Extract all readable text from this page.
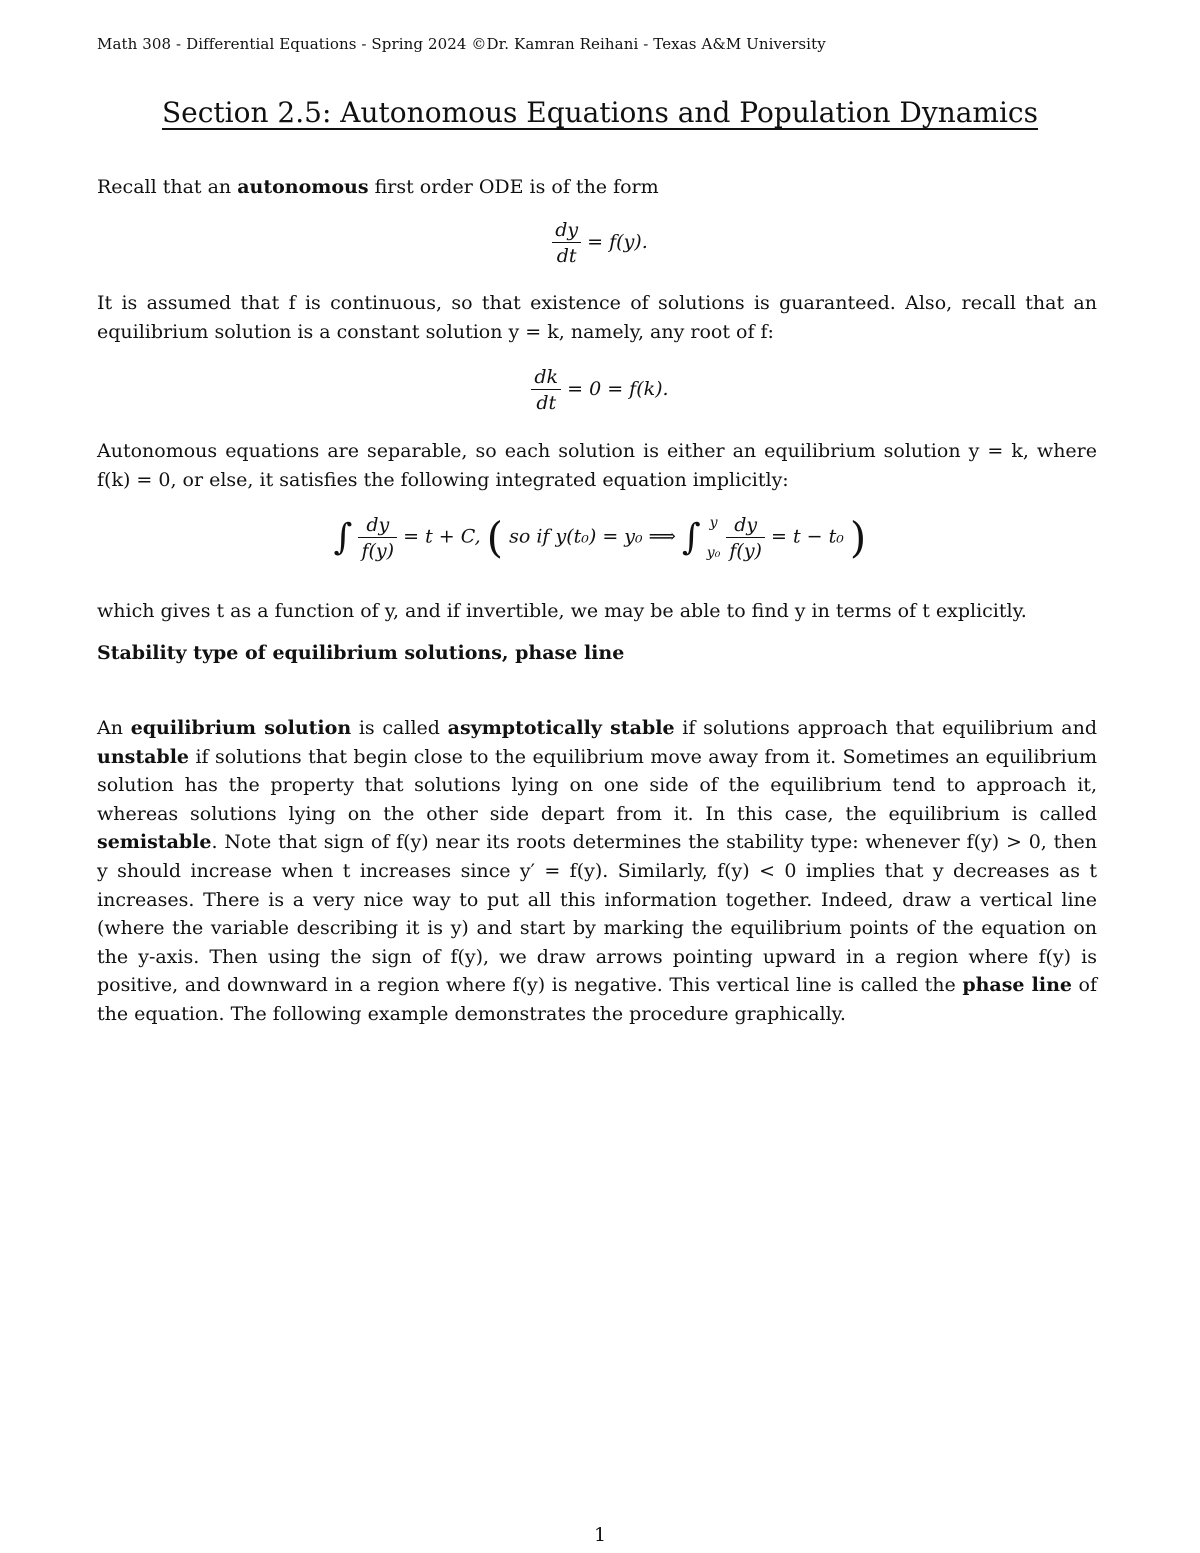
Math 308 - Differential Equations - Spring 2024 ©Dr. Kamran Reihani - Texas A&M University
Section 2.5: Autonomous Equations and Population Dynamics
Recall that an autonomous first order ODE is of the form
$\frac{dy}{dt} = f(y)$.
It is assumed that f is continuous, so that existence of solutions is guaranteed. Also, recall that an equilibrium solution is a constant solution y = k, namely, any root of f:
$\frac{dk}{dt} = 0 = f(k)$.
Autonomous equations are separable, so each solution is either an equilibrium solution y = k, where f(k) = 0, or else, it satisfies the following integrated equation implicitly:
∫ $\frac{dy}{f(y)} = t + C$, ( so if y(t₀) = y₀ ⟹ ∫ y
y₀
$\frac{dy}{f(y)} = t - t_0$ )
which gives t as a function of y, and if invertible, we may be able to find y in terms of t explicitly.
Stability type of equilibrium solutions, phase line
An equilibrium solution is called asymptotically stable if solutions approach that equilibrium and unstable if solutions that begin close to the equilibrium move away from it. Sometimes an equilibrium solution has the property that solutions lying on one side of the equilibrium tend to approach it, whereas solutions lying on the other side depart from it. In this case, the equilibrium is called semistable. Note that sign of f(y) near its roots determines the stability type: whenever f(y) > 0, then y should increase when t increases since y′ = f(y). Similarly, f(y) < 0 implies that y decreases as t increases. There is a very nice way to put all this information together. Indeed, draw a vertical line (where the variable describing it is y) and start by marking the equilibrium points of the equation on the y-axis. Then using the sign of f(y), we draw arrows pointing upward in a region where f(y) is positive, and downward in a region where f(y) is negative. This vertical line is called the phase line of the equation. The following example demonstrates the procedure graphically.
1
